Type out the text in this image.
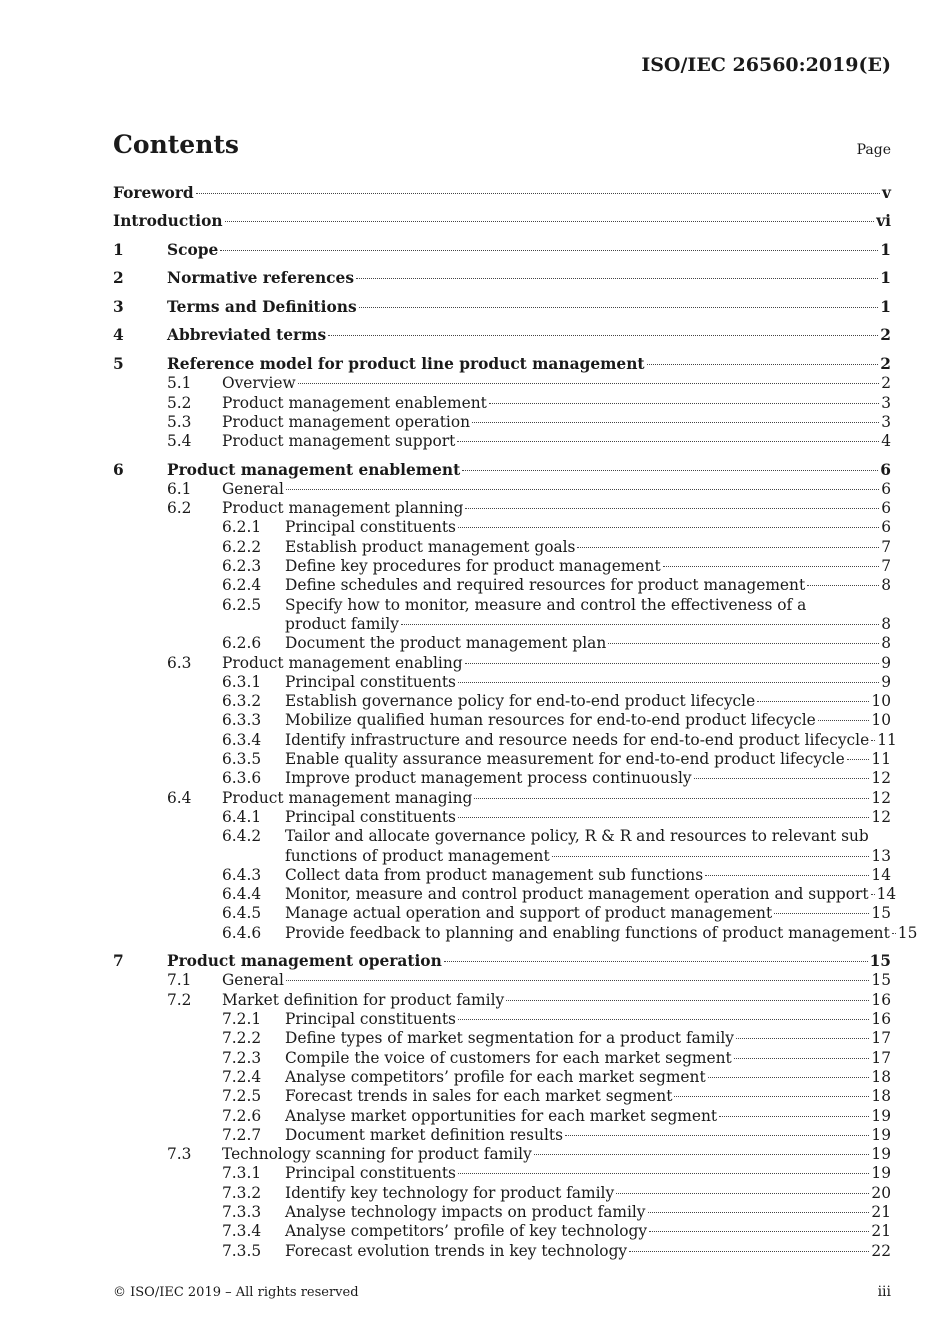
ISO/IEC 26560:2019(E)
Contents	Page
Foreword	v
Introduction	vi
1	Scope	1
2	Normative references	1
3	Terms and Definitions	1
4	Abbreviated terms	2
5	Reference model for product line product management	2
5.1	Overview	2
5.2	Product management enablement	3
5.3	Product management operation	3
5.4	Product management support	4
6	Product management enablement	6
6.1	General	6
6.2	Product management planning	6
6.2.1	Principal constituents	6
6.2.2	Establish product management goals	7
6.2.3	Define key procedures for product management	7
6.2.4	Define schedules and required resources for product management	8
6.2.5	Specify how to monitor, measure and control the effectiveness of a
product family	8
6.2.6	Document the product management plan	8
6.3	Product management enabling	9
6.3.1	Principal constituents	9
6.3.2	Establish governance policy for end-to-end product lifecycle	10
6.3.3	Mobilize qualified human resources for end-to-end product lifecycle	10
6.3.4	Identify infrastructure and resource needs for end-to-end product lifecycle 11
6.3.5	Enable quality assurance measurement for end-to-end product lifecycle 11
6.3.6	Improve product management process continuously	12
6.4	Product management managing	12
6.4.1	Principal constituents	12
6.4.2	Tailor and allocate governance policy, R & R and resources to relevant sub
functions of product management	13
6.4.3	Collect data from product management sub functions	14
6.4.4	Monitor, measure and control product management operation and support 14
6.4.5	Manage actual operation and support of product management	15
6.4.6	Provide feedback to planning and enabling functions of product management 15
7	Product management operation	15
7.1	General	15
7.2	Market definition for product family	16
7.2.1	Principal constituents	16
7.2.2	Define types of market segmentation for a product family	17
7.2.3	Compile the voice of customers for each market segment	17
7.2.4	Analyse competitors’ profile for each market segment	18
7.2.5	Forecast trends in sales for each market segment	18
7.2.6	Analyse market opportunities for each market segment	19
7.2.7	Document market definition results	19
7.3	Technology scanning for product family	19
7.3.1	Principal constituents	19
7.3.2	Identify key technology for product family	20
7.3.3	Analyse technology impacts on product family	21
7.3.4	Analyse competitors’ profile of key technology	21
7.3.5	Forecast evolution trends in key technology	22
© ISO/IEC 2019 – All rights reserved	iii
